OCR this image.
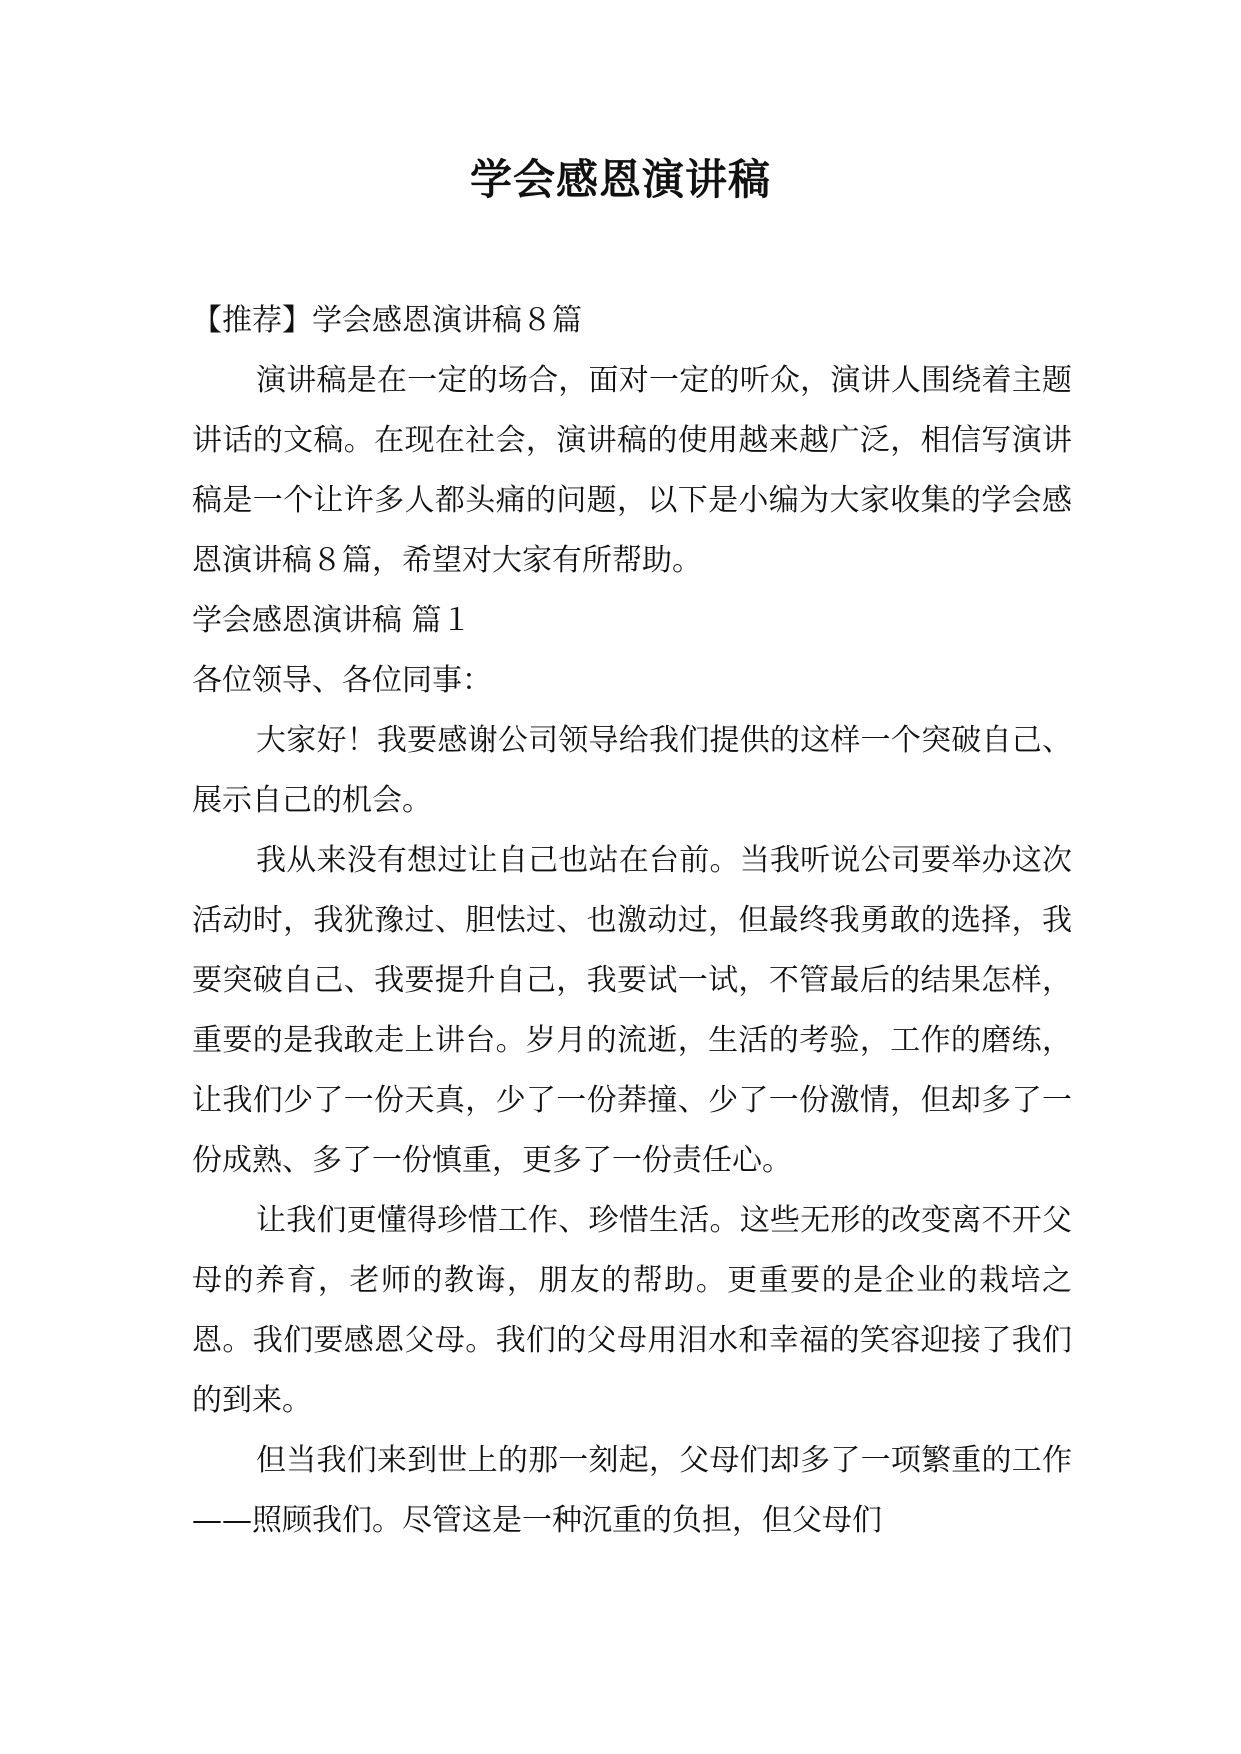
学会感恩演讲稿

【推荐】学会感恩演讲稿８篇

演讲稿是在一定的场合，面对一定的听众，演讲人围绕着主题讲话的文稿。在现在社会，演讲稿的使用越来越广泛，相信写演讲稿是一个让许多人都头痛的问题，以下是小编为大家收集的学会感恩演讲稿８篇，希望对大家有所帮助。

学会感恩演讲稿 篇１

各位领导、各位同事：

大家好！我要感谢公司领导给我们提供的这样一个突破自己、展示自己的机会。

我从来没有想过让自己也站在台前。当我听说公司要举办这次活动时，我犹豫过、胆怯过、也激动过，但最终我勇敢的选择，我要突破自己、我要提升自己，我要试一试，不管最后的结果怎样，重要的是我敢走上讲台。岁月的流逝，生活的考验，工作的磨练，让我们少了一份天真，少了一份莽撞、少了一份激情，但却多了一份成熟、多了一份慎重，更多了一份责任心。

让我们更懂得珍惜工作、珍惜生活。这些无形的改变离不开父母的养育，老师的教诲，朋友的帮助。更重要的是企业的栽培之恩。我们要感恩父母。我们的父母用泪水和幸福的笑容迎接了我们的到来。

但当我们来到世上的那一刻起，父母们却多了一项繁重的工作——照顾我们。尽管这是一种沉重的负担，但父母们
